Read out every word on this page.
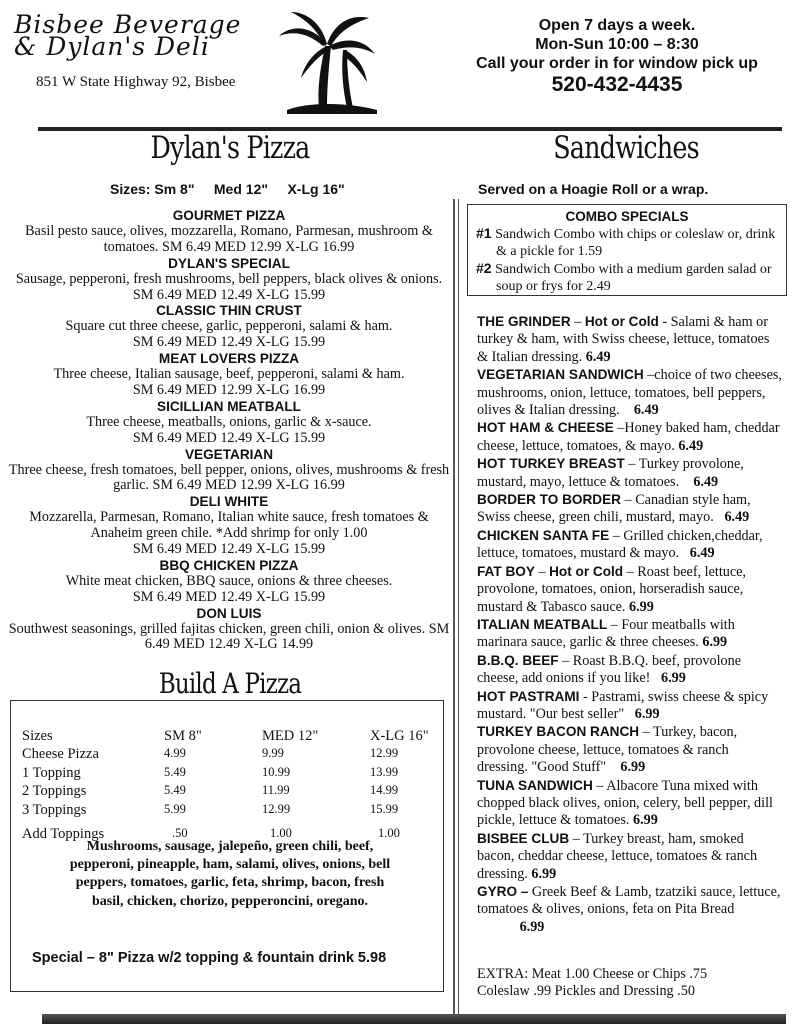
Bisbee Beverage
& Dylan's Deli
851 W State Highway 92, Bisbee
Open 7 days a week.
Mon-Sun 10:00 – 8:30
Call your order in for window pick up
520-432-4435
Dylan's Pizza
Sizes: Sm 8"     Med 12"     X-Lg 16"
GOURMET PIZZA
Basil pesto sauce, olives, mozzarella, Romano, Parmesan, mushroom & tomatoes. SM 6.49 MED 12.99 X-LG 16.99
DYLAN'S SPECIAL
Sausage, pepperoni, fresh mushrooms, bell peppers, black olives & onions. SM 6.49 MED 12.49 X-LG 15.99
CLASSIC THIN CRUST
Square cut three cheese, garlic, pepperoni, salami & ham.
SM 6.49 MED 12.49 X-LG 15.99
MEAT LOVERS PIZZA
Three cheese, Italian sausage, beef, pepperoni, salami & ham.
SM 6.49 MED 12.99 X-LG 16.99
SICILLIAN MEATBALL
Three cheese, meatballs, onions, garlic & x-sauce.
SM 6.49 MED 12.49 X-LG 15.99
VEGETARIAN
Three cheese, fresh tomatoes, bell pepper, onions, olives, mushrooms & fresh garlic. SM 6.49 MED 12.99 X-LG 16.99
DELI WHITE
Mozzarella, Parmesan, Romano, Italian white sauce, fresh tomatoes & Anaheim green chile. *Add shrimp for only 1.00
SM 6.49 MED 12.49 X-LG 15.99
BBQ CHICKEN PIZZA
White meat chicken, BBQ sauce, onions & three cheeses.
SM 6.49 MED 12.49 X-LG 15.99
DON LUIS
Southwest seasonings, grilled fajitas chicken, green chili, onion & olives. SM 6.49 MED 12.49 X-LG 14.99
Build A Pizza
Sizes	SM 8"	MED 12"	X-LG 16"
Cheese Pizza	4.99	9.99	12.99
1 Topping	5.49	10.99	13.99
2 Toppings	5.49	11.99	14.99
3 Toppings	5.99	12.99	15.99
Add Toppings	.50	1.00	1.00
Mushrooms, sausage, jalepeño, green chili, beef, pepperoni, pineapple, ham, salami, olives, onions, bell peppers, tomatoes, garlic, feta, shrimp, bacon, fresh basil, chicken, chorizo, pepperoncini, oregano.
Special – 8" Pizza w/2 topping & fountain drink 5.98
Sandwiches
Served on a Hoagie Roll or a wrap.
COMBO SPECIALS

#1 Sandwich Combo with chips or coleslaw or, drink & a pickle for 1.59

#2 Sandwich Combo with a medium garden salad or soup or frys for 2.49

THE GRINDER – Hot or Cold - Salami & ham or turkey & ham, with Swiss cheese, lettuce, tomatoes & Italian dressing. 6.49

VEGETARIAN SANDWICH –choice of two cheeses, mushrooms, onion, lettuce, tomatoes, bell peppers, olives & Italian dressing. 6.49

HOT HAM & CHEESE –Honey baked ham, cheddar cheese, lettuce, tomatoes, & mayo. 6.49

HOT TURKEY BREAST – Turkey provolone, mustard, mayo, lettuce & tomatoes. 6.49

BORDER TO BORDER – Canadian style ham, Swiss cheese, green chili, mustard, mayo. 6.49

CHICKEN SANTA FE – Grilled chicken,cheddar, lettuce, tomatoes, mustard & mayo. 6.49

FAT BOY – Hot or Cold – Roast beef, lettuce, provolone, tomatoes, onion, horseradish sauce, mustard & Tabasco sauce. 6.99

ITALIAN MEATBALL – Four meatballs with marinara sauce, garlic & three cheeses. 6.99

B.B.Q. BEEF – Roast B.B.Q. beef, provolone cheese, add onions if you like! 6.99

HOT PASTRAMI - Pastrami, swiss cheese & spicy mustard. "Our best seller" 6.99

TURKEY BACON RANCH – Turkey, bacon, provolone cheese, lettuce, tomatoes & ranch dressing. "Good Stuff" 6.99

TUNA SANDWICH – Albacore Tuna mixed with chopped black olives, onion, celery, bell pepper, dill pickle, lettuce & tomatoes. 6.99

BISBEE CLUB – Turkey breast, ham, smoked bacon, cheddar cheese, lettuce, tomatoes & ranch dressing. 6.99

GYRO – Greek Beef & Lamb, tzatziki sauce, lettuce, tomatoes & olives, onions, feta on Pita Bread             6.99

EXTRA: Meat 1.00 Cheese or Chips .75
Coleslaw .99 Pickles and Dressing .50
